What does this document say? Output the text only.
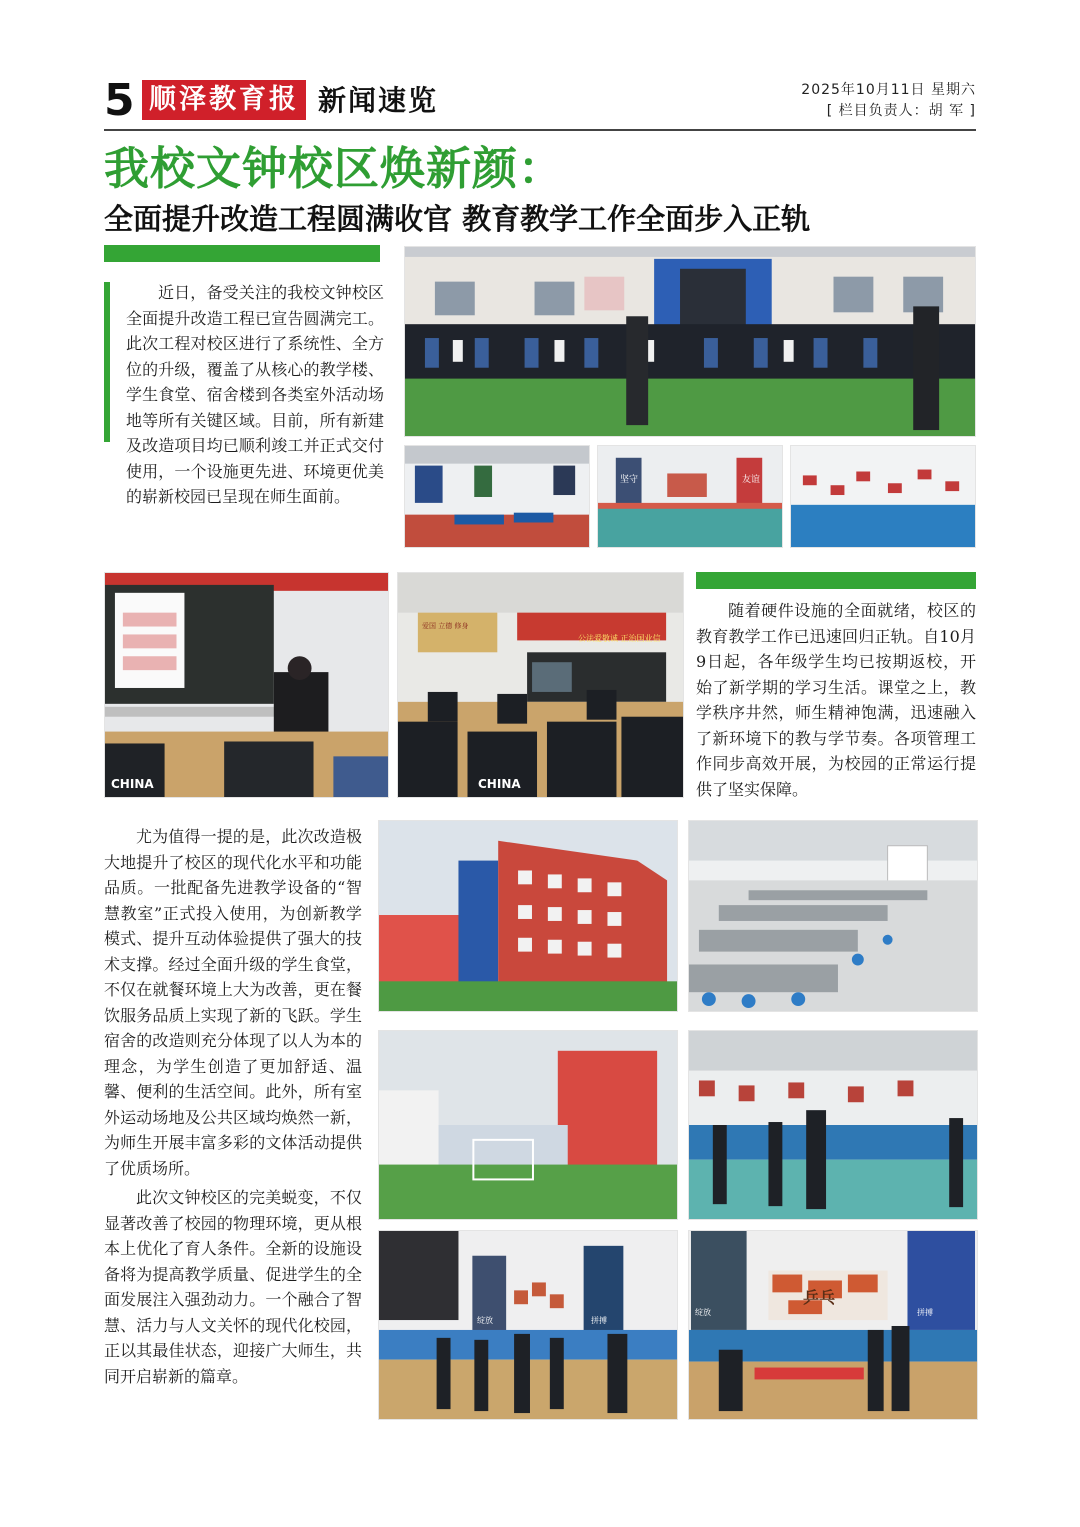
5 顺泽教育报 新闻速览	2025年10月11日 星期六
[ 栏目负责人：胡 军 ]
我校文钟校区焕新颜：
全面提升改造工程圆满收官 教育教学工作全面步入正轨

近日，备受关注的我校文钟校区全面提升改造工程已宣告圆满完工。此次工程对校区进行了系统性、全方位的升级，覆盖了从核心的教学楼、学生食堂、宿舍楼到各类室外活动场地等所有关键区域。目前，所有新建及改造项目均已顺利竣工并正式交付使用，一个设施更先进、环境更优美的崭新校园已呈现在师生面前。

坚守	友谊
CHINA
公法爱敬诚 正治国业信
爱国 立德 修身
CHINA

随着硬件设施的全面就绪，校区的教育教学工作已迅速回归正轨。自10月9日起，各年级学生均已按期返校，开始了新学期的学习生活。课堂之上，教学秩序井然，师生精神饱满，迅速融入了新环境下的教与学节奏。各项管理工作同步高效开展，为校园的正常运行提供了坚实保障。

尤为值得一提的是，此次改造极大地提升了校区的现代化水平和功能品质。一批配备先进教学设备的“智慧教室”正式投入使用，为创新教学模式、提升互动体验提供了强大的技术支撑。经过全面升级的学生食堂，不仅在就餐环境上大为改善，更在餐饮服务品质上实现了新的飞跃。学生宿舍的改造则充分体现了以人为本的理念，为学生创造了更加舒适、温馨、便利的生活空间。此外，所有室外运动场地及公共区域均焕然一新，为师生开展丰富多彩的文体活动提供了优质场所。

此次文钟校区的完美蜕变，不仅显著改善了校园的物理环境，更从根本上优化了育人条件。全新的设施设备将为提高教学质量、促进学生的全面发展注入强劲动力。一个融合了智慧、活力与人文关怀的现代化校园，正以其最佳状态，迎接广大师生，共同开启崭新的篇章。

绽放	拼搏
绽放	拼搏
乒乓
